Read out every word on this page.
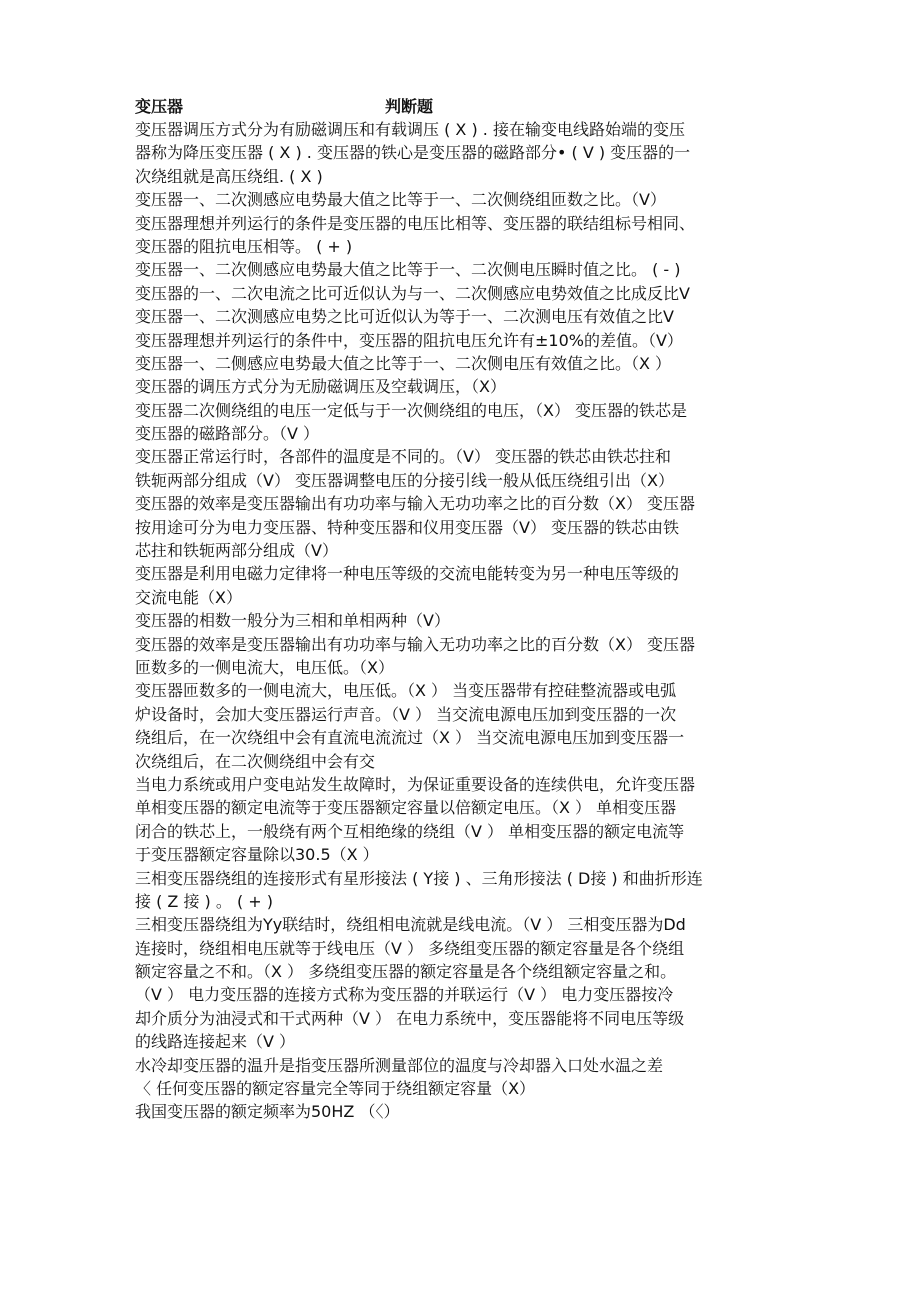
变压器	判断题
变压器调压方式分为有励磁调压和有载调压 ( X ) . 接在输变电线路始端的变压
器称为降压变压器 ( X ) . 变压器的铁心是变压器的磁路部分• ( V ) 变压器的一
次绕组就是高压绕组. ( X )
变压器一、二次测感应电势最大值之比等于一、二次侧绕组匝数之比。（V）
变压器理想并列运行的条件是变压器的电压比相等、变压器的联结组标号相同、
变压器的阻抗电压相等。 ( + )
变压器一、二次侧感应电势最大值之比等于一、二次侧电压瞬时值之比。 ( - )
变压器的一、二次电流之比可近似认为与一、二次侧感应电势效值之比成反比V
变压器一、二次测感应电势之比可近似认为等于一、二次测电压有效值之比V
变压器理想并列运行的条件中，变压器的阻抗电压允许有±10%的差值。（V）
变压器一、二侧感应电势最大值之比等于一、二次侧电压有效值之比。（X ）
变压器的调压方式分为无励磁调压及空载调压，（X）
变压器二次侧绕组的电压一定低与于一次侧绕组的电压，（X） 变压器的铁芯是
变压器的磁路部分。（V ）
变压器正常运行时，各部件的温度是不同的。（V） 变压器的铁芯由铁芯拄和
铁轭两部分组成（V） 变压器调整电压的分接引线一般从低压绕组引出（X）
变压器的效率是变压器输出有功功率与输入无功功率之比的百分数（X） 变压器
按用途可分为电力变压器、特种变压器和仪用变压器（V） 变压器的铁芯由铁
芯拄和铁轭两部分组成（V）
变压器是利用电磁力定律将一种电压等级的交流电能转变为另一种电压等级的
交流电能（X）
变压器的相数一般分为三相和单相两种（V）
变压器的效率是变压器输出有功功率与输入无功功率之比的百分数（X） 变压器
匝数多的一侧电流大，电压低。（X）
变压器匝数多的一侧电流大，电压低。（X ） 当变压器带有控硅整流器或电弧
炉设备时，会加大变压器运行声音。（V ） 当交流电源电压加到变压器的一次
绕组后，在一次绕组中会有直流电流流过（X ） 当交流电源电压加到变压器一
次绕组后，在二次侧绕组中会有交
当电力系统或用户变电站发生故障时，为保证重要设备的连续供电，允许变压器
单相变压器的额定电流等于变压器额定容量以倍额定电压。（X ） 单相变压器
闭合的铁芯上，一般绕有两个互相绝缘的绕组（V ） 单相变压器的额定电流等
于变压器额定容量除以30.5（X ）
三相变压器绕组的连接形式有星形接法 ( Y接 ) 、三角形接法 ( D接 ) 和曲折形连
接 ( Z 接 ) 。 ( + )
三相变压器绕组为Yy联结时，绕组相电流就是线电流。（V ） 三相变压器为Dd
连接时，绕组相电压就等于线电压（V ） 多绕组变压器的额定容量是各个绕组
额定容量之不和。（X ） 多绕组变压器的额定容量是各个绕组额定容量之和。
（V ） 电力变压器的连接方式称为变压器的并联运行（V ） 电力变压器按冷
却介质分为油浸式和干式两种（V ） 在电力系统中，变压器能将不同电压等级
的线路连接起来（V ）
水冷却变压器的温升是指变压器所测量部位的温度与冷却器入口处水温之差
〈 任何变压器的额定容量完全等同于绕组额定容量（X）
我国变压器的额定频率为50HZ （〈）
